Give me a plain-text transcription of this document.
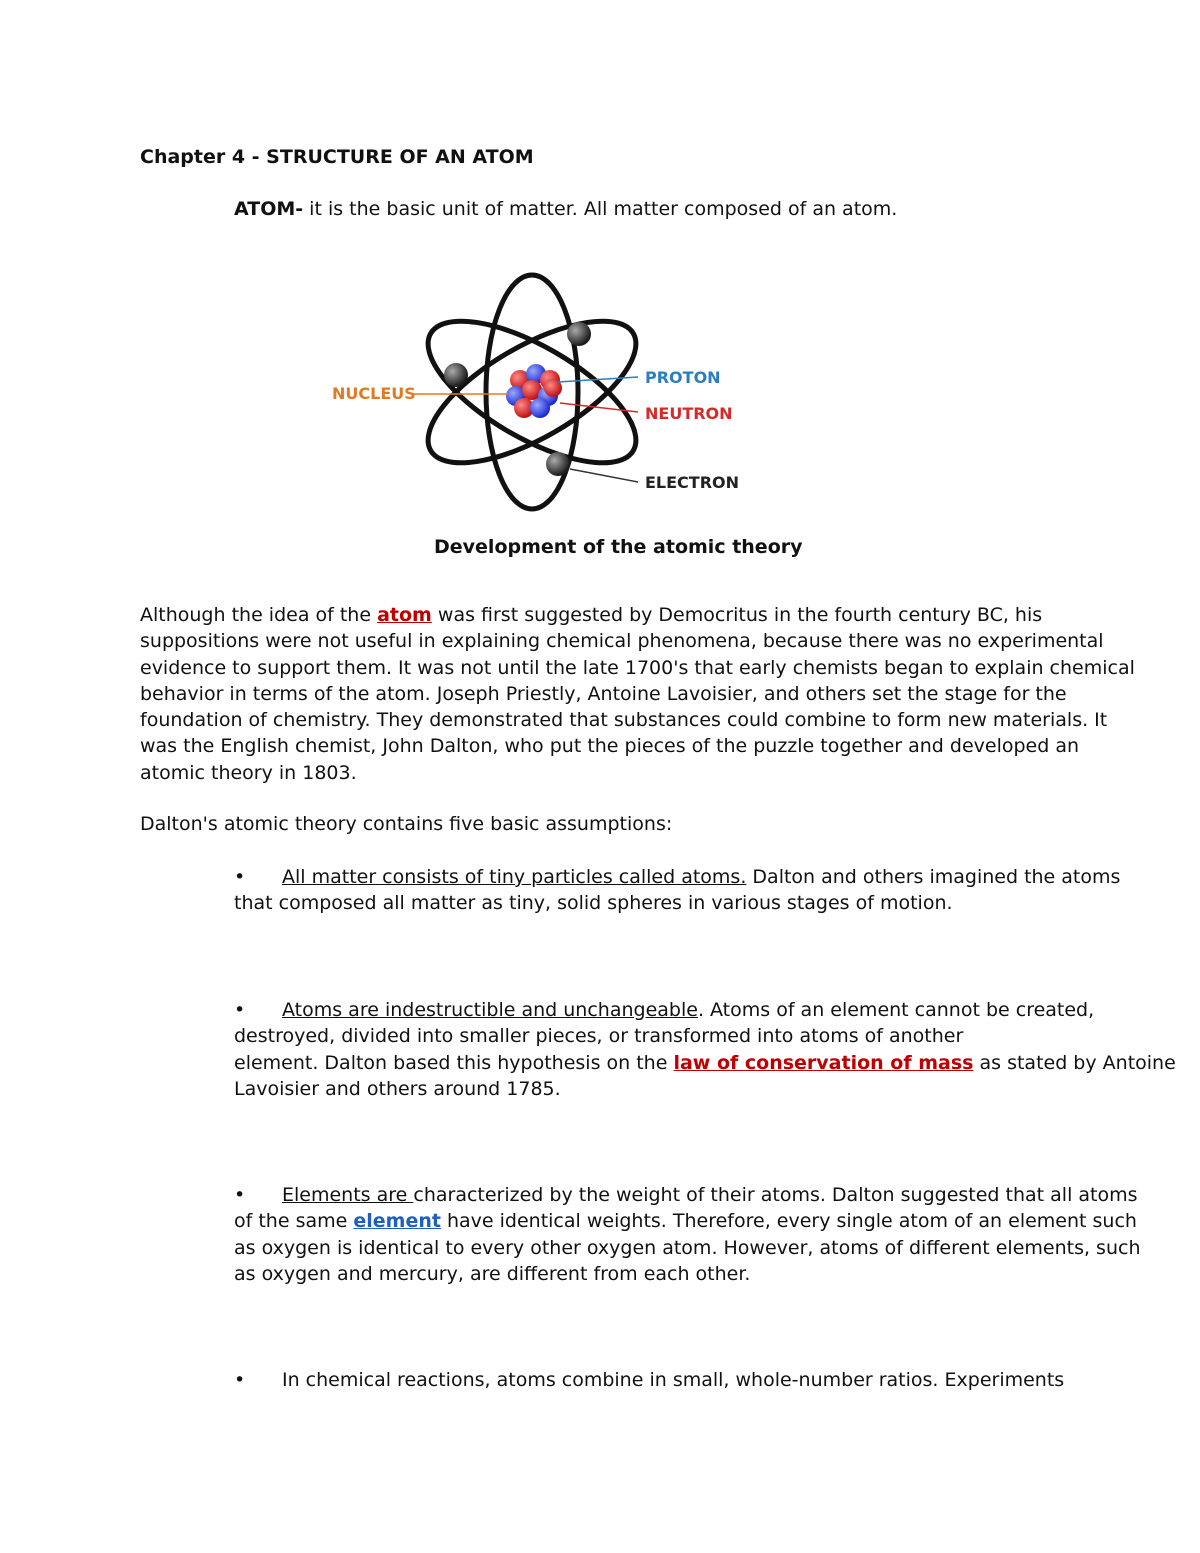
Chapter 4 - STRUCTURE OF AN ATOM
ATOM- it is the basic unit of matter. All matter composed of an atom.
NUCLEUS
PROTON
NEUTRON
ELECTRON
Development of the atomic theory
Although the idea of the atom was first suggested by Democritus in the fourth century BC, his
suppositions were not useful in explaining chemical phenomena, because there was no experimental
evidence to support them. It was not until the late 1700's that early chemists began to explain chemical
behavior in terms of the atom. Joseph Priestly, Antoine Lavoisier, and others set the stage for the
foundation of chemistry. They demonstrated that substances could combine to form new materials. It
was the English chemist, John Dalton, who put the pieces of the puzzle together and developed an
atomic theory in 1803.
Dalton's atomic theory contains five basic assumptions:
• All matter consists of tiny particles called atoms. Dalton and others imagined the atoms
that composed all matter as tiny, solid spheres in various stages of motion.
• Atoms are indestructible and unchangeable. Atoms of an element cannot be created,
destroyed, divided into smaller pieces, or transformed into atoms of another
element. Dalton based this hypothesis on the law of conservation of mass as stated by Antoine
Lavoisier and others around 1785.
• Elements are characterized by the weight of their atoms. Dalton suggested that all atoms
of the same element have identical weights. Therefore, every single atom of an element such
as oxygen is identical to every other oxygen atom. However, atoms of different elements, such
as oxygen and mercury, are different from each other.
• In chemical reactions, atoms combine in small, whole-number ratios. Experiments
